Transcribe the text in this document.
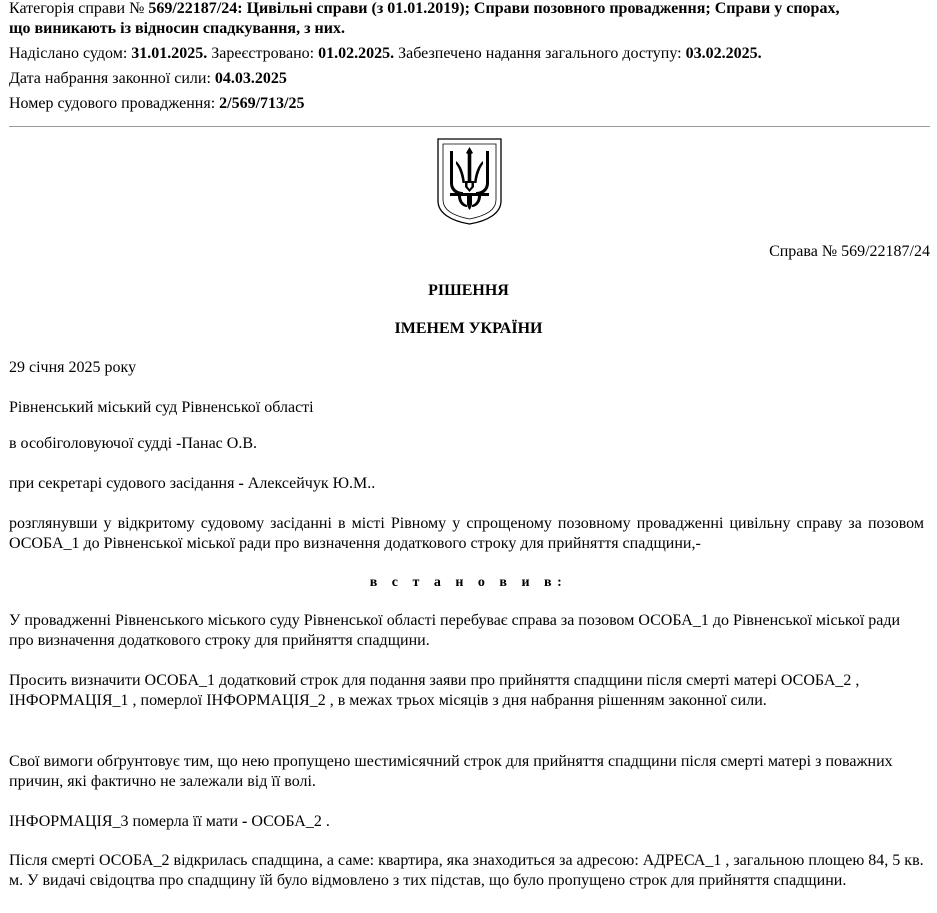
Категорія справи № 569/22187/24: Цивільні справи (з 01.01.2019); Справи позовного провадження; Справи у спорах,
що виникають із відносин спадкування, з них.
Надіслано судом: 31.01.2025. Зареєстровано: 01.02.2025. Забезпечено надання загального доступу: 03.02.2025.
Дата набрання законної сили: 04.03.2025
Номер судового провадження: 2/569/713/25
Справа № 569/22187/24
РІШЕННЯ
ІМЕНЕМ УКРАЇНИ

29 січня 2025 року

Рівненський міський суд Рівненської області

в особіголовуючої судді -Панас О.В.

при секретарі судового засідання - Алексейчук Ю.М..

розглянувши у відкритому судовому засіданні в місті Рівному у спрощеному позовному провадженні цивільну справу за позовом ОСОБА_1 до Рівненської міської ради про визначення додаткового строку для прийняття спадщини,-

в с т а н о в и в:

У провадженні Рівненського міського суду Рівненської області перебуває справа за позовом ОСОБА_1 до Рівненської міської ради про визначення додаткового строку для прийняття спадщини.

Просить визначити ОСОБА_1 додатковий строк для подання заяви про прийняття спадщини після смерті матері ОСОБА_2 , ІНФОРМАЦІЯ_1 , померлої ІНФОРМАЦІЯ_2 , в межах трьох місяців з дня набрання рішенням законної сили.

Свої вимоги обґрунтовує тим, що нею пропущено шестимісячний строк для прийняття спадщини після смерті матері з поважних причин, які фактично не залежали від її волі.

ІНФОРМАЦІЯ_3 померла її мати - ОСОБА_2 .

Після смерті ОСОБА_2 відкрилась спадщина, а саме: квартира, яка знаходиться за адресою: АДРЕСА_1 , загальною площею 84, 5 кв. м. У видачі свідоцтва про спадщину їй було відмовлено з тих підстав, що було пропущено строк для прийняття спадщини.
